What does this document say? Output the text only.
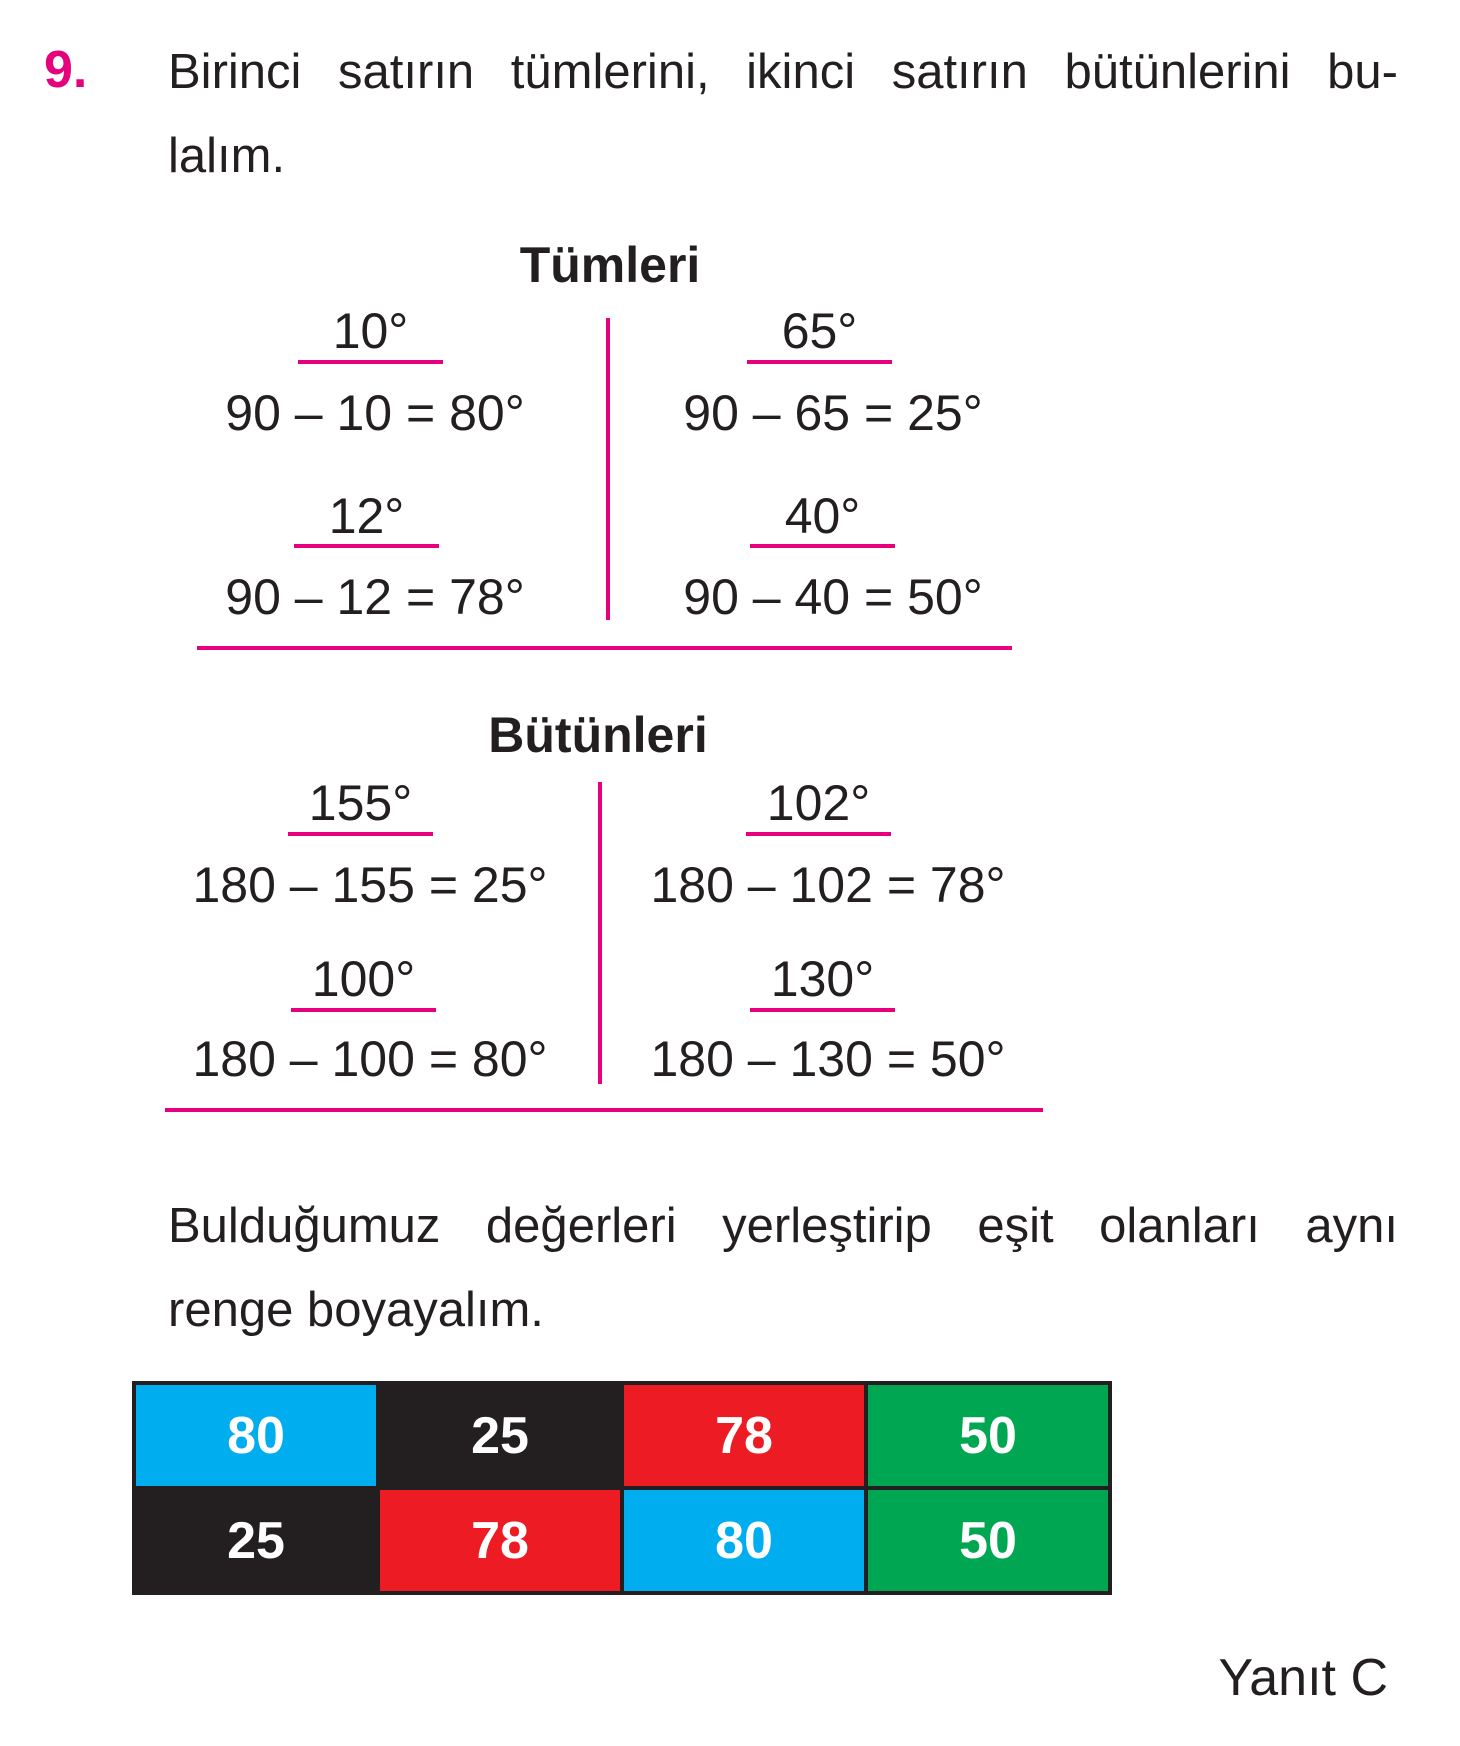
9. Birinci satırın tümlerini, ikinci satırın bütünlerini bu-
lalım.
Tümleri
10°
90 – 10 = 80°
65°
90 – 65 = 25°
12°
90 – 12 = 78°
40°
90 – 40 = 50°
Bütünleri
155°
180 – 155 = 25°
102°
180 – 102 = 78°
100°
180 – 100 = 80°
130°
180 – 130 = 50°
Bulduğumuz değerleri yerleştirip eşit olanları aynı
renge boyayalım.
80	25	78	50
25	78	80	50
Yanıt C
